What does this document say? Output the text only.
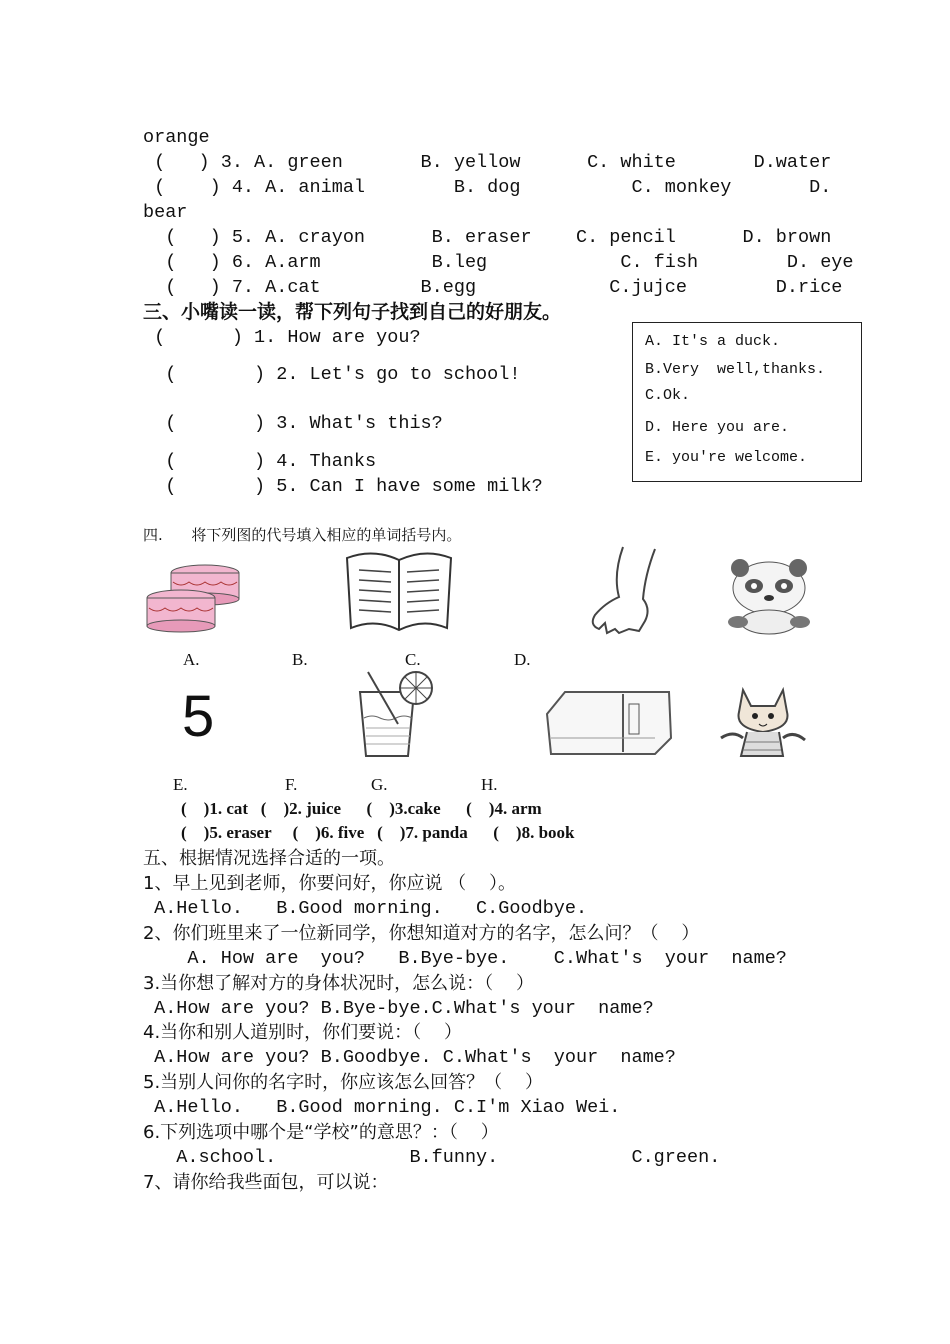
orange
(   ) 3. A. green       B. yellow      C. white       D.water
(    ) 4. A. animal        B. dog          C. monkey       D.
bear
(   ) 5. A. crayon      B. eraser    C. pencil      D. brown
(   ) 6. A.arm          B.leg            C. fish        D. eye
(   ) 7. A.cat         B.egg            C.jujce        D.rice
三、小嘴读一读，帮下列句子找到自己的好朋友。
(      ) 1. How are you?
(       ) 2. Let's go to school!
(       ) 3. What's this?
(       ) 4. Thanks
(       ) 5. Can I have some milk?
A. It's a duck.
B.Very  well,thanks.
C.Ok.
D. Here you are.
E. you're welcome.
四.      将下列图的代号填入相应的单词括号内。
A.	B.	C.	D.
5
E.	F.	G.	H.
(    )1. cat   (    )2. juice      (    )3.cake      (    )4. arm
(    )5. eraser     (    )6. five   (    )7. panda      (    )8. book
五、根据情况选择合适的一项。
1、早上见到老师，你要问好，你应说 （    ）。
A.Hello.   B.Good morning.   C.Goodbye.
2、你们班里来了一位新同学，你想知道对方的名字，怎么问？（    ）
A. How are  you?   B.Bye-bye.    C.What's  your  name?
3.当你想了解对方的身体状况时，怎么说：（    ）
A.How are you? B.Bye-bye.C.What's your  name?
4.当你和别人道别时，你们要说：（    ）
A.How are you? B.Goodbye. C.What's  your  name?
5.当别人问你的名字时，你应该怎么回答？（    ）
A.Hello.   B.Good morning. C.I'm Xiao Wei.
6.下列选项中哪个是“学校”的意思？：（    ）
A.school.            B.funny.            C.green.
7、请你给我些面包，可以说：
